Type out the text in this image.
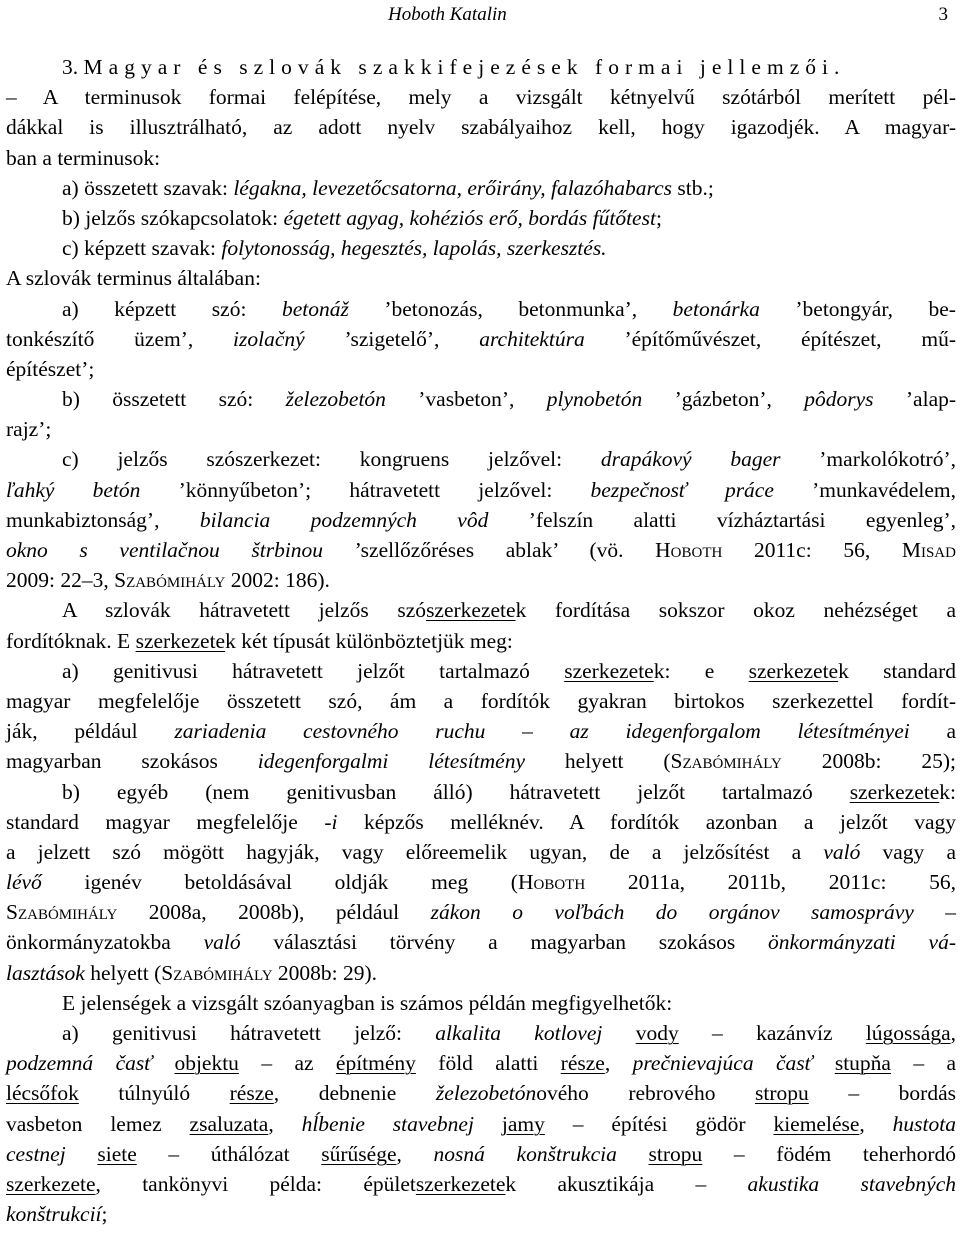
Hoboth Katalin	3
3. Magyar és szlovák szakkifejezések formai jellemzői.
– A terminusok formai felépítése, mely a vizsgált kétnyelvű szótárból merített pél-
dákkal is illusztrálható, az adott nyelv szabályaihoz kell, hogy igazodjék. A magyar-
ban a terminusok:
a) összetett szavak: légakna, levezetőcsatorna, erőirány, falazóhabarcs stb.;
b) jelzős szókapcsolatok: égetett agyag, kohéziós erő, bordás fűtőtest;
c) képzett szavak: folytonosság, hegesztés, lapolás, szerkesztés.
A szlovák terminus általában:
a) képzett szó: betonáž ’betonozás, betonmunka’, betonárka ’betongyár, be-
tonkészítő üzem’, izolačný ’szigetelő’, architektúra ’építőművészet, építészet, mű-
építészet’;
b) összetett szó: železobetón ’vasbeton’, plynobetón ’gázbeton’, pôdorys ’alap-
rajz’;
c) jelzős szószerkezet: kongruens jelzővel: drapákový bager ’markolókotró’,
ľahký betón ’könnyűbeton’; hátravetett jelzővel: bezpečnosť práce ’munkavédelem,
munkabiztonság’, bilancia podzemných vôd ’felszín alatti vízháztartási egyenleg’,
okno s ventilačnou štrbinou ’szellőzőréses ablak’ (vö. Hoboth 2011c: 56, Misad
2009: 22–3, Szabómihály 2002: 186).
A szlovák hátravetett jelzős szószerkezetek fordítása sokszor okoz nehézséget a
fordítóknak. E szerkezetek két típusát különböztetjük meg:
a) genitivusi hátravetett jelzőt tartalmazó szerkezetek: e szerkezetek standard
magyar megfelelője összetett szó, ám a fordítók gyakran birtokos szerkezettel fordít-
ják, például zariadenia cestovného ruchu – az idegenforgalom létesítményei a
magyarban szokásos idegenforgalmi létesítmény helyett (Szabómihály 2008b: 25);
b) egyéb (nem genitivusban álló) hátravetett jelzőt tartalmazó szerkezetek:
standard magyar megfelelője -i képzős melléknév. A fordítók azonban a jelzőt vagy
a jelzett szó mögött hagyják, vagy előreemelik ugyan, de a jelzősítést a való vagy a
lévő igenév betoldásával oldják meg (Hoboth 2011a, 2011b, 2011c: 56,
Szabómihály 2008a, 2008b), például zákon o voľbách do orgánov samosprávy –
önkormányzatokba való választási törvény a magyarban szokásos önkormányzati vá-
lasztások helyett (Szabómihály 2008b: 29).
E jelenségek a vizsgált szóanyagban is számos példán megfigyelhetők:
a) genitivusi hátravetett jelző: alkalita kotlovej vody – kazánvíz lúgossága,
podzemná časť objektu – az építmény föld alatti része, prečnievajúca časť stupňa – a
lécsőfok túlnyúló része, debnenie železobetónového rebrového stropu – bordás
vasbeton lemez zsaluzata, hĺbenie stavebnej jamy – építési gödör kiemelése, hustota
cestnej siete – úthálózat sűrűsége, nosná konštrukcia stropu – födém teherhordó
szerkezete, tankönyvi példa: épületszerkezetek akusztikája – akustika stavebných
konštrukcií;
